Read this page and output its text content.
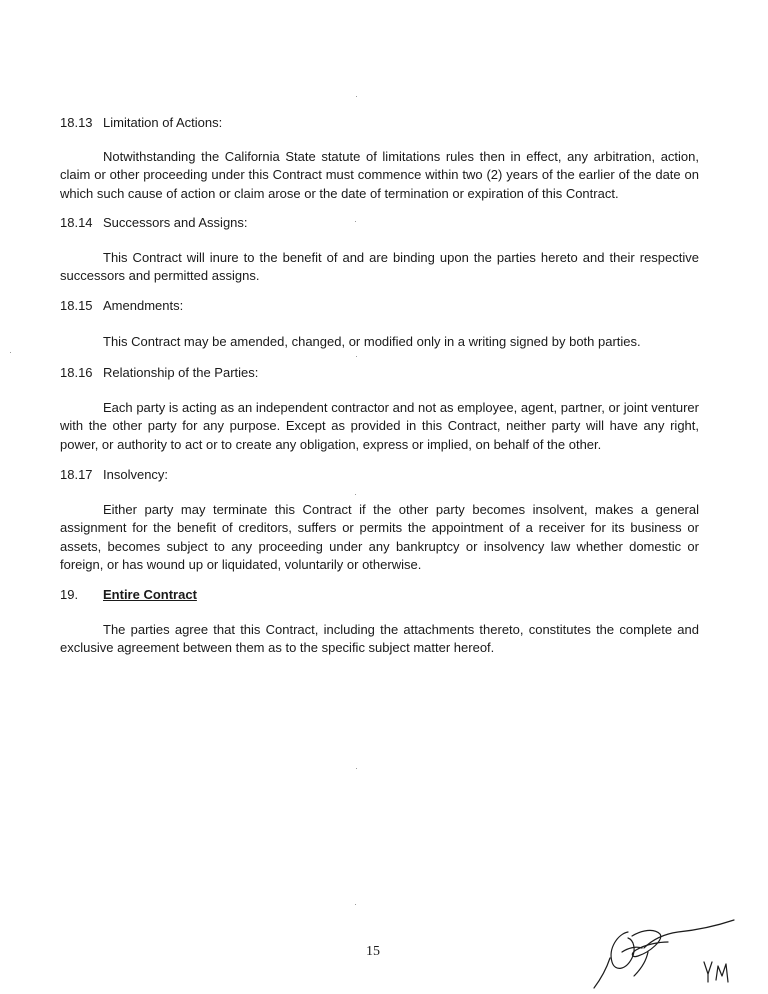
18.13 Limitation of Actions:
Notwithstanding the California State statute of limitations rules then in effect, any arbitration, action, claim or other proceeding under this Contract must commence within two (2) years of the earlier of the date on which such cause of action or claim arose or the date of termination or expiration of this Contract.
18.14 Successors and Assigns:
This Contract will inure to the benefit of and are binding upon the parties hereto and their respective successors and permitted assigns.
18.15 Amendments:
This Contract may be amended, changed, or modified only in a writing signed by both parties.
18.16 Relationship of the Parties:
Each party is acting as an independent contractor and not as employee, agent, partner, or joint venturer with the other party for any purpose. Except as provided in this Contract, neither party will have any right, power, or authority to act or to create any obligation, express or implied, on behalf of the other.
18.17 Insolvency:
Either party may terminate this Contract if the other party becomes insolvent, makes a general assignment for the benefit of creditors, suffers or permits the appointment of a receiver for its business or assets, becomes subject to any proceeding under any bankruptcy or insolvency law whether domestic or foreign, or has wound up or liquidated, voluntarily or otherwise.
19. Entire Contract
The parties agree that this Contract, including the attachments thereto, constitutes the complete and exclusive agreement between them as to the specific subject matter hereof.
15
